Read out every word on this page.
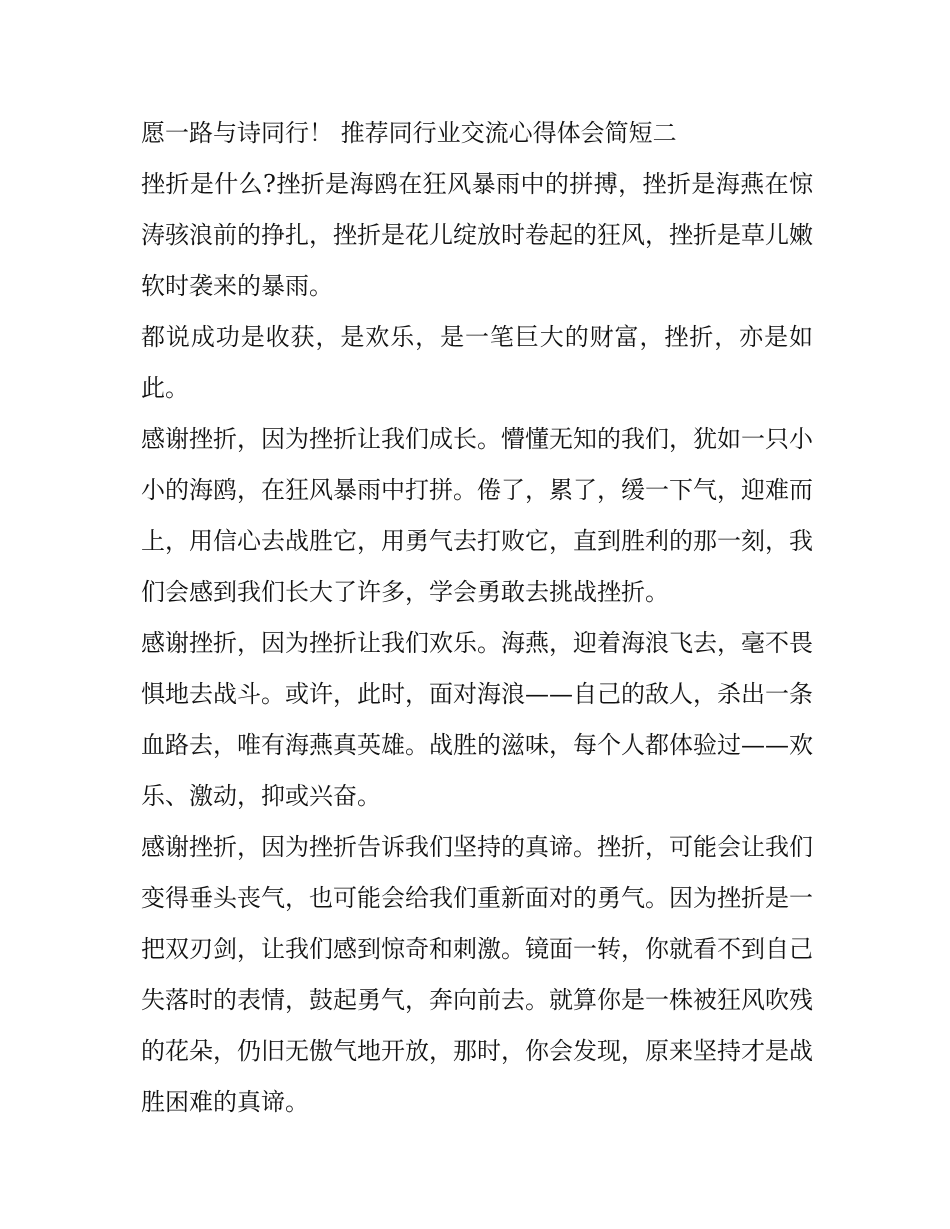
愿一路与诗同行！ 推荐同行业交流心得体会简短二

挫折是什么?挫折是海鸥在狂风暴雨中的拼搏，挫折是海燕在惊涛骇浪前的挣扎，挫折是花儿绽放时卷起的狂风，挫折是草儿嫩软时袭来的暴雨。

都说成功是收获，是欢乐，是一笔巨大的财富，挫折，亦是如此。

感谢挫折，因为挫折让我们成长。懵懂无知的我们，犹如一只小小的海鸥，在狂风暴雨中打拼。倦了，累了，缓一下气，迎难而上，用信心去战胜它，用勇气去打败它，直到胜利的那一刻，我们会感到我们长大了许多，学会勇敢去挑战挫折。

感谢挫折，因为挫折让我们欢乐。海燕，迎着海浪飞去，毫不畏惧地去战斗。或许，此时，面对海浪——自己的敌人，杀出一条血路去，唯有海燕真英雄。战胜的滋味，每个人都体验过——欢乐、激动，抑或兴奋。

感谢挫折，因为挫折告诉我们坚持的真谛。挫折，可能会让我们变得垂头丧气，也可能会给我们重新面对的勇气。因为挫折是一把双刃剑，让我们感到惊奇和刺激。镜面一转，你就看不到自己失落时的表情，鼓起勇气，奔向前去。就算你是一株被狂风吹残的花朵，仍旧无傲气地开放，那时，你会发现，原来坚持才是战胜困难的真谛。
